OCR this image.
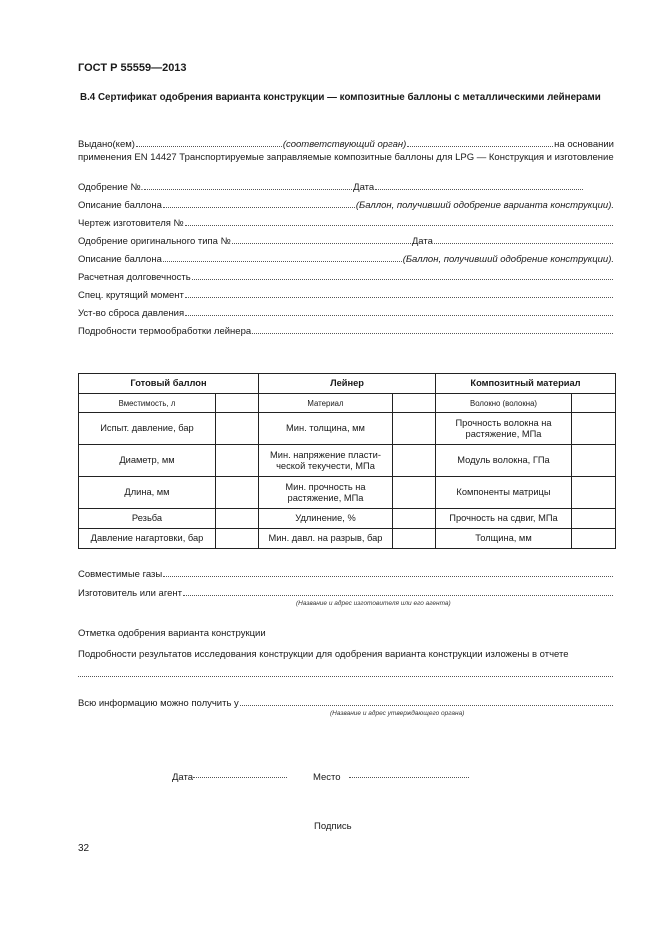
ГОСТ Р 55559—2013
В.4 Сертификат одобрения варианта конструкции — композитные баллоны с металлическими лейнерами
Выдано(кем)	(соответствующий орган)	на основании
применения EN 14427 Транспортируемые заправляемые композитные баллоны для LPG — Конструкция и изготовление
Одобрение №.	Дата
Описание баллона	(Баллон, получивший одобрение варианта конструкции).
Чертеж изготовителя №
Одобрение оригинального типа №	Дата
Описание баллона	(Баллон, получивший одобрение конструкции).
Расчетная долговечность
Спец. крутящий момент
Уст-во сброса давления
Подробности термообработки лейнера
Готовый баллон		Лейнер		Композитный материал	
Вместимость, л		Материал		Волокно (волокна)	
Испыт. давление, бар		Мин. толщина, мм		Прочность волокна на растяжение, МПа	
Диаметр, мм		Мин. напряжение пласти-ческой текучести, МПа		Модуль волокна, ГПа	
Длина, мм		Мин. прочность на растяжение, МПа		Компоненты матрицы	
Резьба		Удлинение, %		Прочность на сдвиг, МПа	
Давление нагартовки, бар		Мин. давл. на разрыв, бар		Толщина, мм	
Совместимые газы
Изготовитель или агент
(Название и адрес изготовителя или его агента)
Отметка одобрения варианта конструкции
Подробности результатов исследования конструкции для одобрения варианта конструкции изложены в отчете
Всю информацию можно получить у
(Название и адрес утверждающего органа)
Дата	Место
Подпись
32
